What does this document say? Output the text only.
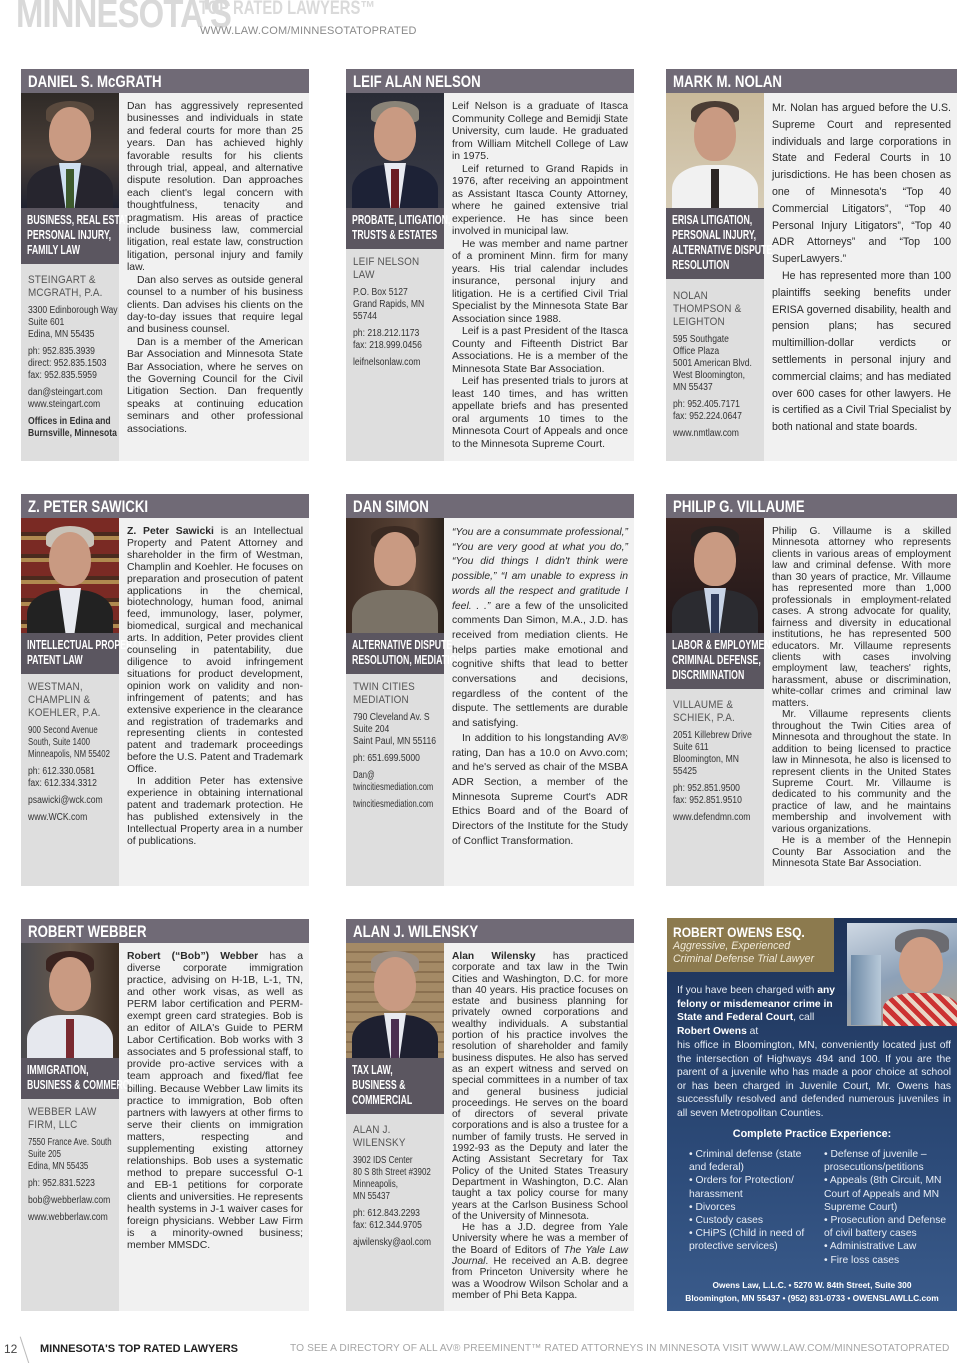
MINNESOTA'S
TOP RATED LAWYERS™
WWW.LAW.COM/MINNESOTATOPRATED
DANIEL S. McGRATH
BUSINESS, REAL ESTATE,
PERSONAL INJURY,
FAMILY LAW
STEINGART &
MCGRATH, P.A.
3300 Edinborough Way
Suite 601
Edina, MN 55435
ph: 952.835.3939
direct: 952.835.1503
fax: 952.835.5959
dan@steingart.com
www.steingart.com
Offices in Edina and
Burnsville, Minnesota

Dan has aggressively represented businesses and individuals in state and federal courts for more than 25 years. Dan has achieved highly favorable results for his clients through trial, appeal, and alternative dispute resolution. Dan approaches each client's legal concern with thoughtfulness, tenacity and pragmatism. His areas of practice include business law, commercial litigation, real estate law, construction litigation, personal injury and family law.

Dan also serves as outside general counsel to a number of his business clients. Dan advises his clients on the day-to-day issues that require legal and business counsel.

Dan is a member of the American Bar Association and Minnesota State Bar Association, where he serves on the Governing Council for the Civil Litigation Section. Dan frequently speaks at continuing education seminars and other professional associations.

LEIF ALAN NELSON
PROBATE, LITIGATION,
TRUSTS & ESTATES
LEIF NELSON LAW
P.O. Box 5127
Grand Rapids, MN
55744
ph: 218.212.1173
fax: 218.999.0456
leifnelsonlaw.com

Leif Nelson is a graduate of Itasca Community College and Bemidji State University, cum laude. He graduated from William Mitchell College of Law in 1975.

Leif returned to Grand Rapids in 1976, after receiving an appointment as Assistant Itasca County Attorney, where he gained extensive trial experience. He has since been involved in municipal law.

He was member and name partner of a prominent Minn. firm for many years. His trial calendar includes insurance, personal injury and litigation. He is a certified Civil Trial Specialist by the Minnesota State Bar Association since 1988.

Leif is a past President of the Itasca County and Fifteenth District Bar Associations. He is a member of the Minnesota State Bar Association.

Leif has presented trials to jurors at least 140 times, and has written appellate briefs and has presented oral arguments 10 times to the Minnesota Court of Appeals and once to the Minnesota Supreme Court.

MARK M. NOLAN
ERISA LITIGATION,
PERSONAL INJURY,
ALTERNATIVE DISPUTE
RESOLUTION
NOLAN
THOMPSON &
LEIGHTON
595 Southgate
Office Plaza
5001 American Blvd.
West Bloomington,
MN 55437
ph: 952.405.7171
fax: 952.224.0647
www.nmtlaw.com

Mr. Nolan has argued before the U.S. Supreme Court and represented individuals and large corporations in State and Federal Courts in 10 jurisdictions. He has been chosen as one of Minnesota's “Top 40 Commercial Litigators”, “Top 40 Personal Injury Litigators”, “Top 40 ADR Attorneys” and “Top 100 SuperLawyers.”

He has represented more than 100 plaintiffs seeking benefits under ERISA governed disability, health and pension plans; has secured multimillion-dollar verdicts or settlements in personal injury and commercial claims; and has mediated over 600 cases for other lawyers. He is certified as a Civil Trial Specialist by both national and state boards.

Z. PETER SAWICKI
INTELLECTUAL PROPERTY,
PATENT LAW
WESTMAN,
CHAMPLIN &
KOEHLER, P.A.
900 Second Avenue
South, Suite 1400
Minneapolis, NM 55402
ph: 612.330.0581
fax: 612.334.3312
psawicki@wck.com
www.WCK.com

Z. Peter Sawicki is an Intellectual Property and Patent Attorney and shareholder in the firm of Westman, Champlin and Koehler. He focuses on preparation and prosecution of patent applications in the chemical, biotechnology, human food, animal feed, immunology, laser, polymer, biomedical, surgical and mechanical arts. In addition, Peter provides client counseling in patentability, due diligence to avoid infringement situations for product development, opinion work on validity and non-infringement of patents; and has extensive experience in the clearance and registration of trademarks and representing clients in contested patent and trademark proceedings before the U.S. Patent and Trademark Office.

In addition Peter has extensive experience in obtaining international patent and trademark protection. He has published extensively in the Intellectual Property area in a number of publications.

DAN SIMON
ALTERNATIVE DISPUTE
RESOLUTION, MEDIATION
TWIN CITIES
MEDIATION
790 Cleveland Av. S
Suite 204
Saint Paul, MN 55116
ph: 651.699.5000
Dan@
twincitiesmediation.com
twincitiesmediation.com

“You are a consummate professional,” “You are very good at what you do,” “You did things I didn't think were possible,” “I am unable to express in words all the respect and gratitude I feel. . .” are a few of the unsolicited comments Dan Simon, M.A., J.D. has received from mediation clients. He helps parties make emotional and cognitive shifts that lead to better conversations and decisions, regardless of the content of the dispute. The settlements are durable and satisfying.

In addition to his longstanding AV® rating, Dan has a 10.0 on Avvo.com; and he's served as chair of the MSBA ADR Section, a member of the Minnesota Supreme Court's ADR Ethics Board and of the Board of Directors of the Institute for the Study of Conflict Transformation.

PHILIP G. VILLAUME
LABOR & EMPLOYMENT,
CRIMINAL DEFENSE,
DISCRIMINATION
VILLAUME &
SCHIEK, P.A.
2051 Killebrew Drive
Suite 611
Bloomington, MN
55425
ph: 952.851.9500
fax: 952.851.9510
www.defendmn.com

Philip G. Villaume is a skilled Minnesota attorney who represents clients in various areas of employment law and criminal defense. With more than 30 years of practice, Mr. Villaume has represented more than 1,000 professionals in employment-related cases. A strong advocate for quality, fairness and diversity in educational institutions, he has represented 500 educators. Mr. Villaume represents clients with cases involving employment law, teachers' rights, harassment, abuse or discrimination, white-collar crimes and criminal law matters.

Mr. Villaume represents clients throughout the Twin Cities area of Minnesota and throughout the state. In addition to being licensed to practice law in Minnesota, he also is licensed to represent clients in the United States Supreme Court. Mr. Villaume is dedicated to his community and the practice of law, and he maintains membership and involvement with various organizations.

He is a member of the Hennepin County Bar Association and the Minnesota State Bar Association.

ROBERT WEBBER
IMMIGRATION,
BUSINESS & COMMERCIAL
WEBBER LAW
FIRM, LLC
7550 France Ave. South
Suite 205
Edina, MN 55435
ph: 952.831.5223
bob@webberlaw.com
www.webberlaw.com

Robert (“Bob”) Webber has a diverse corporate immigration practice, advising on H-1B, L-1, TN, and other work visas, as well as PERM labor certification and PERM-exempt green card strategies. Bob is an editor of AILA's Guide to PERM Labor Certification. Bob works with 3 associates and 5 professional staff, to provide pro-active services with a team approach and fixed/flat fee billing. Because Webber Law limits its practice to immigration, Bob often partners with lawyers at other firms to serve their clients on immigration matters, respecting and supplementing existing attorney relationships. Bob uses a systematic method to prepare successful O-1 and EB-1 petitions for corporate clients and universities. He represents health systems in J-1 waiver cases for foreign physicians. Webber Law Firm is a minority-owned business; member MMSDC.

ALAN J. WILENSKY
TAX LAW,
BUSINESS &
COMMERCIAL
ALAN J. WILENSKY
3902 IDS Center
80 S 8th Street #3902
Minneapolis,
MN 55437
ph: 612.843.2293
fax: 612.344.9705
ajwilensky@aol.com

Alan Wilensky has practiced corporate and tax law in the Twin Cities and Washington, D.C. for more than 40 years. His practice focuses on estate and business planning for privately owned corporations and wealthy individuals. A substantial portion of his practice involves the resolution of shareholder and family business disputes. He also has served as an expert witness and served on special committees in a number of tax and general business judicial proceedings. He serves on the board of directors of several private corporations and is also a trustee for a number of family trusts. He served in 1992-93 as the Deputy and later the Acting Assistant Secretary for Tax Policy of the United States Treasury Department in Washington, D.C. Alan taught a tax policy course for many years at the Carlson Business School of the University of Minnesota.

He has a J.D. degree from Yale University where he was a member of the Board of Editors of The Yale Law Journal. He received an A.B. degree from Princeton University where he was a Woodrow Wilson Scholar and a member of Phi Beta Kappa.

ROBERT OWENS ESQ.
Aggressive, Experienced
Criminal Defense Trial Lawyer
If you have been charged with any felony or misdemeanor crime in State and Federal Court, call Robert Owens at
his office in Bloomington, MN, conveniently located just off the intersection of Highways 494 and 100. If you are the parent of a juvenile who has made a poor choice at school or has been charged in Juvenile Court, Mr. Owens has successfully resolved and defended numerous juveniles in all seven Metropolitan Counties.
Complete Practice Experience:
• Criminal defense (state and federal)
• Orders for Protection/ harassment
• Divorces
• Custody cases
• CHiPS (Child in need of protective services)
• Defense of juvenile – prosecutions/petitions
• Appeals (8th Circuit, MN Court of Appeals and MN Supreme Court)
• Prosecution and Defense of civil battery cases
• Administrative Law
• Fire loss cases
Owens Law, L.L.C. • 5270 W. 84th Street, Suite 300
Bloomington, MN 55437 • (952) 831-0733 • OWENSLAWLLC.com
12 MINNESOTA'S TOP RATED LAWYERS	TO SEE A DIRECTORY OF ALL AV® PREEMINENT™ RATED ATTORNEYS IN MINNESOTA VISIT WWW.LAW.COM/MINNESOTATOPRATED
